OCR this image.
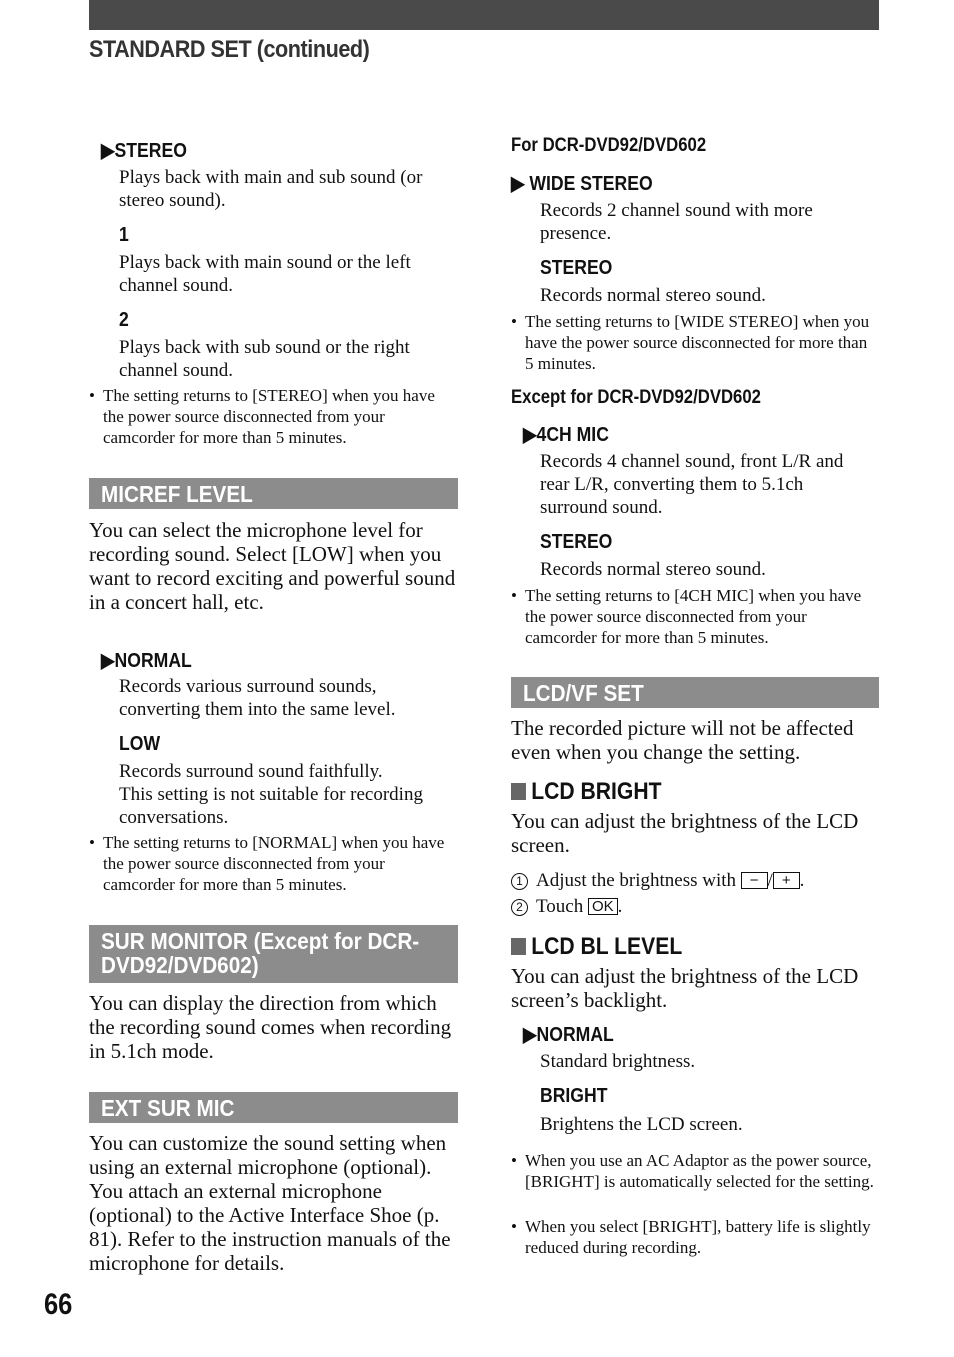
STANDARD SET (continued)
▶STEREO
Plays back with main and sub sound (or stereo sound).
1
Plays back with main sound or the left channel sound.
2
Plays back with sub sound or the right channel sound.
• The setting returns to [STEREO] when you have the power source disconnected from your camcorder for more than 5 minutes.
MICREF LEVEL
You can select the microphone level for recording sound. Select [LOW] when you want to record exciting and powerful sound in a concert hall, etc.
▶NORMAL
Records various surround sounds, converting them into the same level.
LOW
Records surround sound faithfully.
This setting is not suitable for recording conversations.
• The setting returns to [NORMAL] when you have the power source disconnected from your camcorder for more than 5 minutes.
SUR MONITOR (Except for DCR-DVD92/DVD602)
You can display the direction from which the recording sound comes when recording in 5.1ch mode.
EXT SUR MIC
You can customize the sound setting when using an external microphone (optional).
You attach an external microphone (optional) to the Active Interface Shoe (p. 81). Refer to the instruction manuals of the microphone for details.
For DCR-DVD92/DVD602
▶ WIDE STEREO
Records 2 channel sound with more presence.
STEREO
Records normal stereo sound.
• The setting returns to [WIDE STEREO] when you have the power source disconnected for more than 5 minutes.
Except for DCR-DVD92/DVD602
▶4CH MIC
Records 4 channel sound, front L/R and rear L/R, converting them to 5.1ch surround sound.
STEREO
Records normal stereo sound.
• The setting returns to [4CH MIC] when you have the power source disconnected from your camcorder for more than 5 minutes.
LCD/VF SET
The recorded picture will not be affected even when you change the setting.
LCD BRIGHT
You can adjust the brightness of the LCD screen.
1 Adjust the brightness with − / + .
2 Touch OK .
LCD BL LEVEL
You can adjust the brightness of the LCD screen’s backlight.
▶NORMAL
Standard brightness.
BRIGHT
Brightens the LCD screen.
• When you use an AC Adaptor as the power source, [BRIGHT] is automatically selected for the setting.
• When you select [BRIGHT], battery life is slightly reduced during recording.
66
